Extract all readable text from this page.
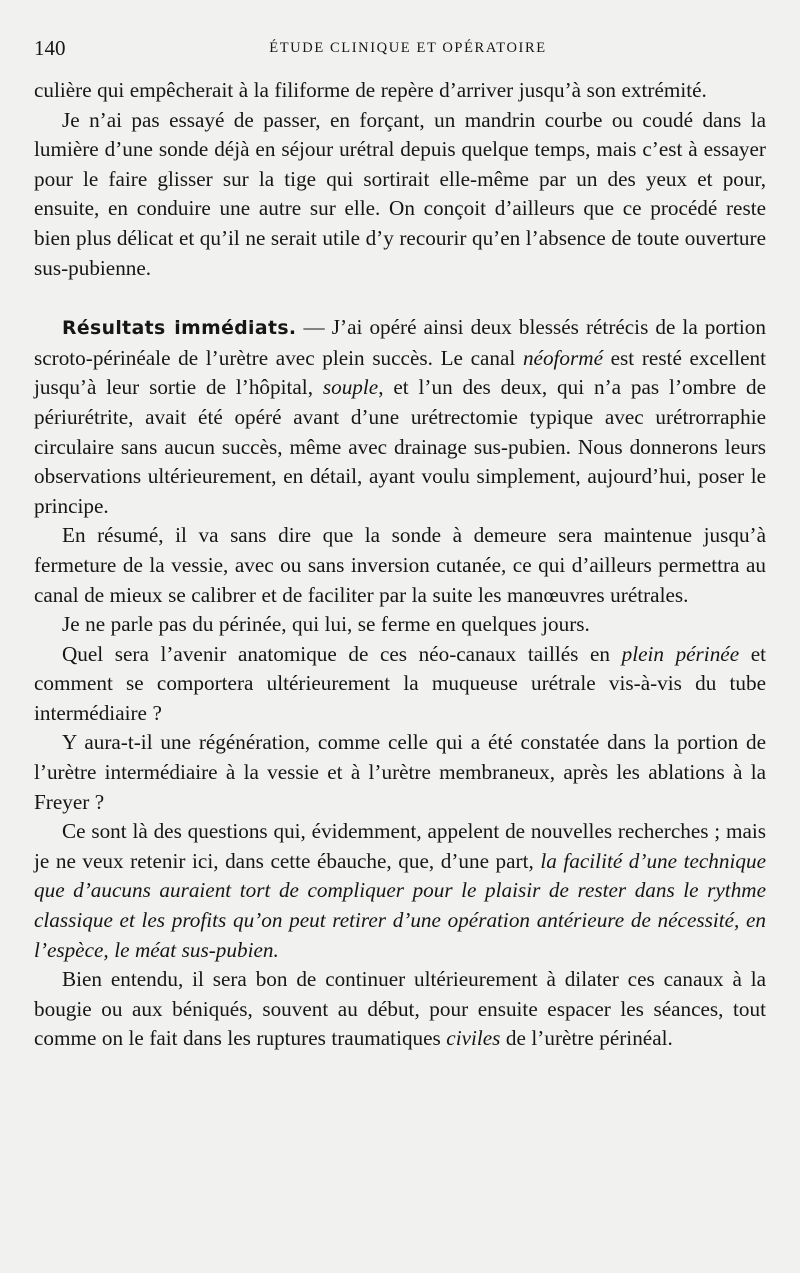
140	ÉTUDE CLINIQUE ET OPÉRATOIRE

culière qui empêcherait à la filiforme de repère d’arriver jusqu’à son extrémité.

Je n’ai pas essayé de passer, en forçant, un mandrin courbe ou coudé dans la lumière d’une sonde déjà en séjour urétral depuis quelque temps, mais c’est à essayer pour le faire glisser sur la tige qui sortirait elle-même par un des yeux et pour, ensuite, en conduire une autre sur elle. On conçoit d’ailleurs que ce procédé reste bien plus délicat et qu’il ne serait utile d’y recourir qu’en l’absence de toute ouverture sus-pubienne.

Résultats immédiats. — J’ai opéré ainsi deux blessés rétrécis de la portion scroto-périnéale de l’urètre avec plein succès. Le canal néoformé est resté excellent jusqu’à leur sortie de l’hôpital, souple, et l’un des deux, qui n’a pas l’ombre de périurétrite, avait été opéré avant d’une urétrectomie typique avec urétrorraphie circulaire sans aucun succès, même avec drainage sus-pubien. Nous donnerons leurs observations ultérieurement, en détail, ayant voulu simplement, aujourd’hui, poser le principe.

En résumé, il va sans dire que la sonde à demeure sera maintenue jusqu’à fermeture de la vessie, avec ou sans inversion cutanée, ce qui d’ailleurs permettra au canal de mieux se calibrer et de faciliter par la suite les manœuvres urétrales.

Je ne parle pas du périnée, qui lui, se ferme en quelques jours.

Quel sera l’avenir anatomique de ces néo-canaux taillés en plein périnée et comment se comportera ultérieurement la muqueuse urétrale vis-à-vis du tube intermédiaire ?

Y aura-t-il une régénération, comme celle qui a été constatée dans la portion de l’urètre intermédiaire à la vessie et à l’urètre membraneux, après les ablations à la Freyer ?

Ce sont là des questions qui, évidemment, appelent de nouvelles recherches ; mais je ne veux retenir ici, dans cette ébauche, que, d’une part, la facilité d’une technique que d’aucuns auraient tort de compliquer pour le plaisir de rester dans le rythme classique et les profits qu’on peut retirer d’une opération antérieure de nécessité, en l’espèce, le méat sus-pubien.

Bien entendu, il sera bon de continuer ultérieurement à dilater ces canaux à la bougie ou aux béniqués, souvent au début, pour ensuite espacer les séances, tout comme on le fait dans les ruptures traumatiques civiles de l’urètre périnéal.
